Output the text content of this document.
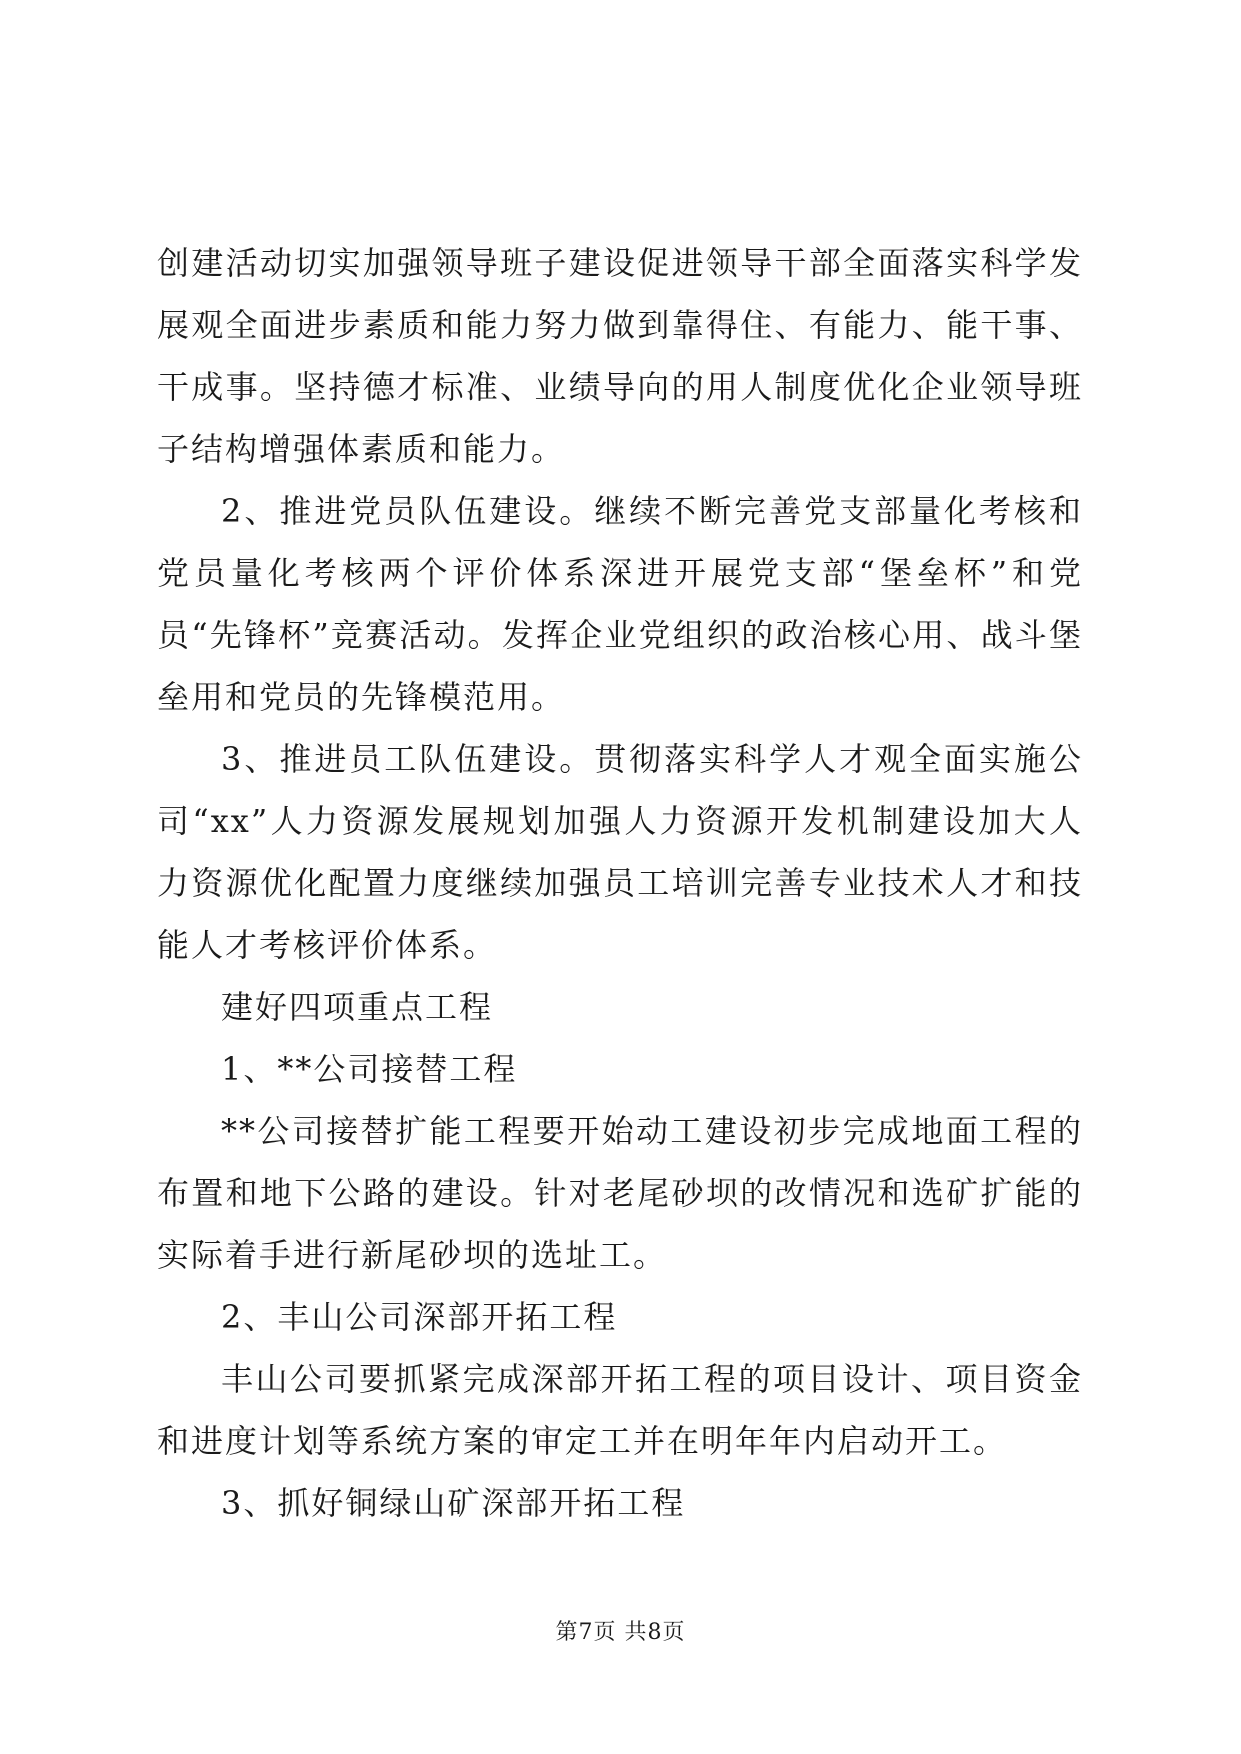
创建活动切实加强领导班子建设促进领导干部全面落实科学发展观全面进步素质和能力努力做到靠得住、有能力、能干事、干成事。坚持德才标准、业绩导向的用人制度优化企业领导班子结构增强体素质和能力。

2、推进党员队伍建设。继续不断完善党支部量化考核和党员量化考核两个评价体系深进开展党支部“堡垒杯”和党员“先锋杯”竞赛活动。发挥企业党组织的政治核心用、战斗堡垒用和党员的先锋模范用。

3、推进员工队伍建设。贯彻落实科学人才观全面实施公司“xx”人力资源发展规划加强人力资源开发机制建设加大人力资源优化配置力度继续加强员工培训完善专业技术人才和技能人才考核评价体系。

建好四项重点工程

1、**公司接替工程

**公司接替扩能工程要开始动工建设初步完成地面工程的布置和地下公路的建设。针对老尾砂坝的改情况和选矿扩能的实际着手进行新尾砂坝的选址工。

2、丰山公司深部开拓工程

丰山公司要抓紧完成深部开拓工程的项目设计、项目资金和进度计划等系统方案的审定工并在明年年内启动开工。

3、抓好铜绿山矿深部开拓工程

第7页 共8页
